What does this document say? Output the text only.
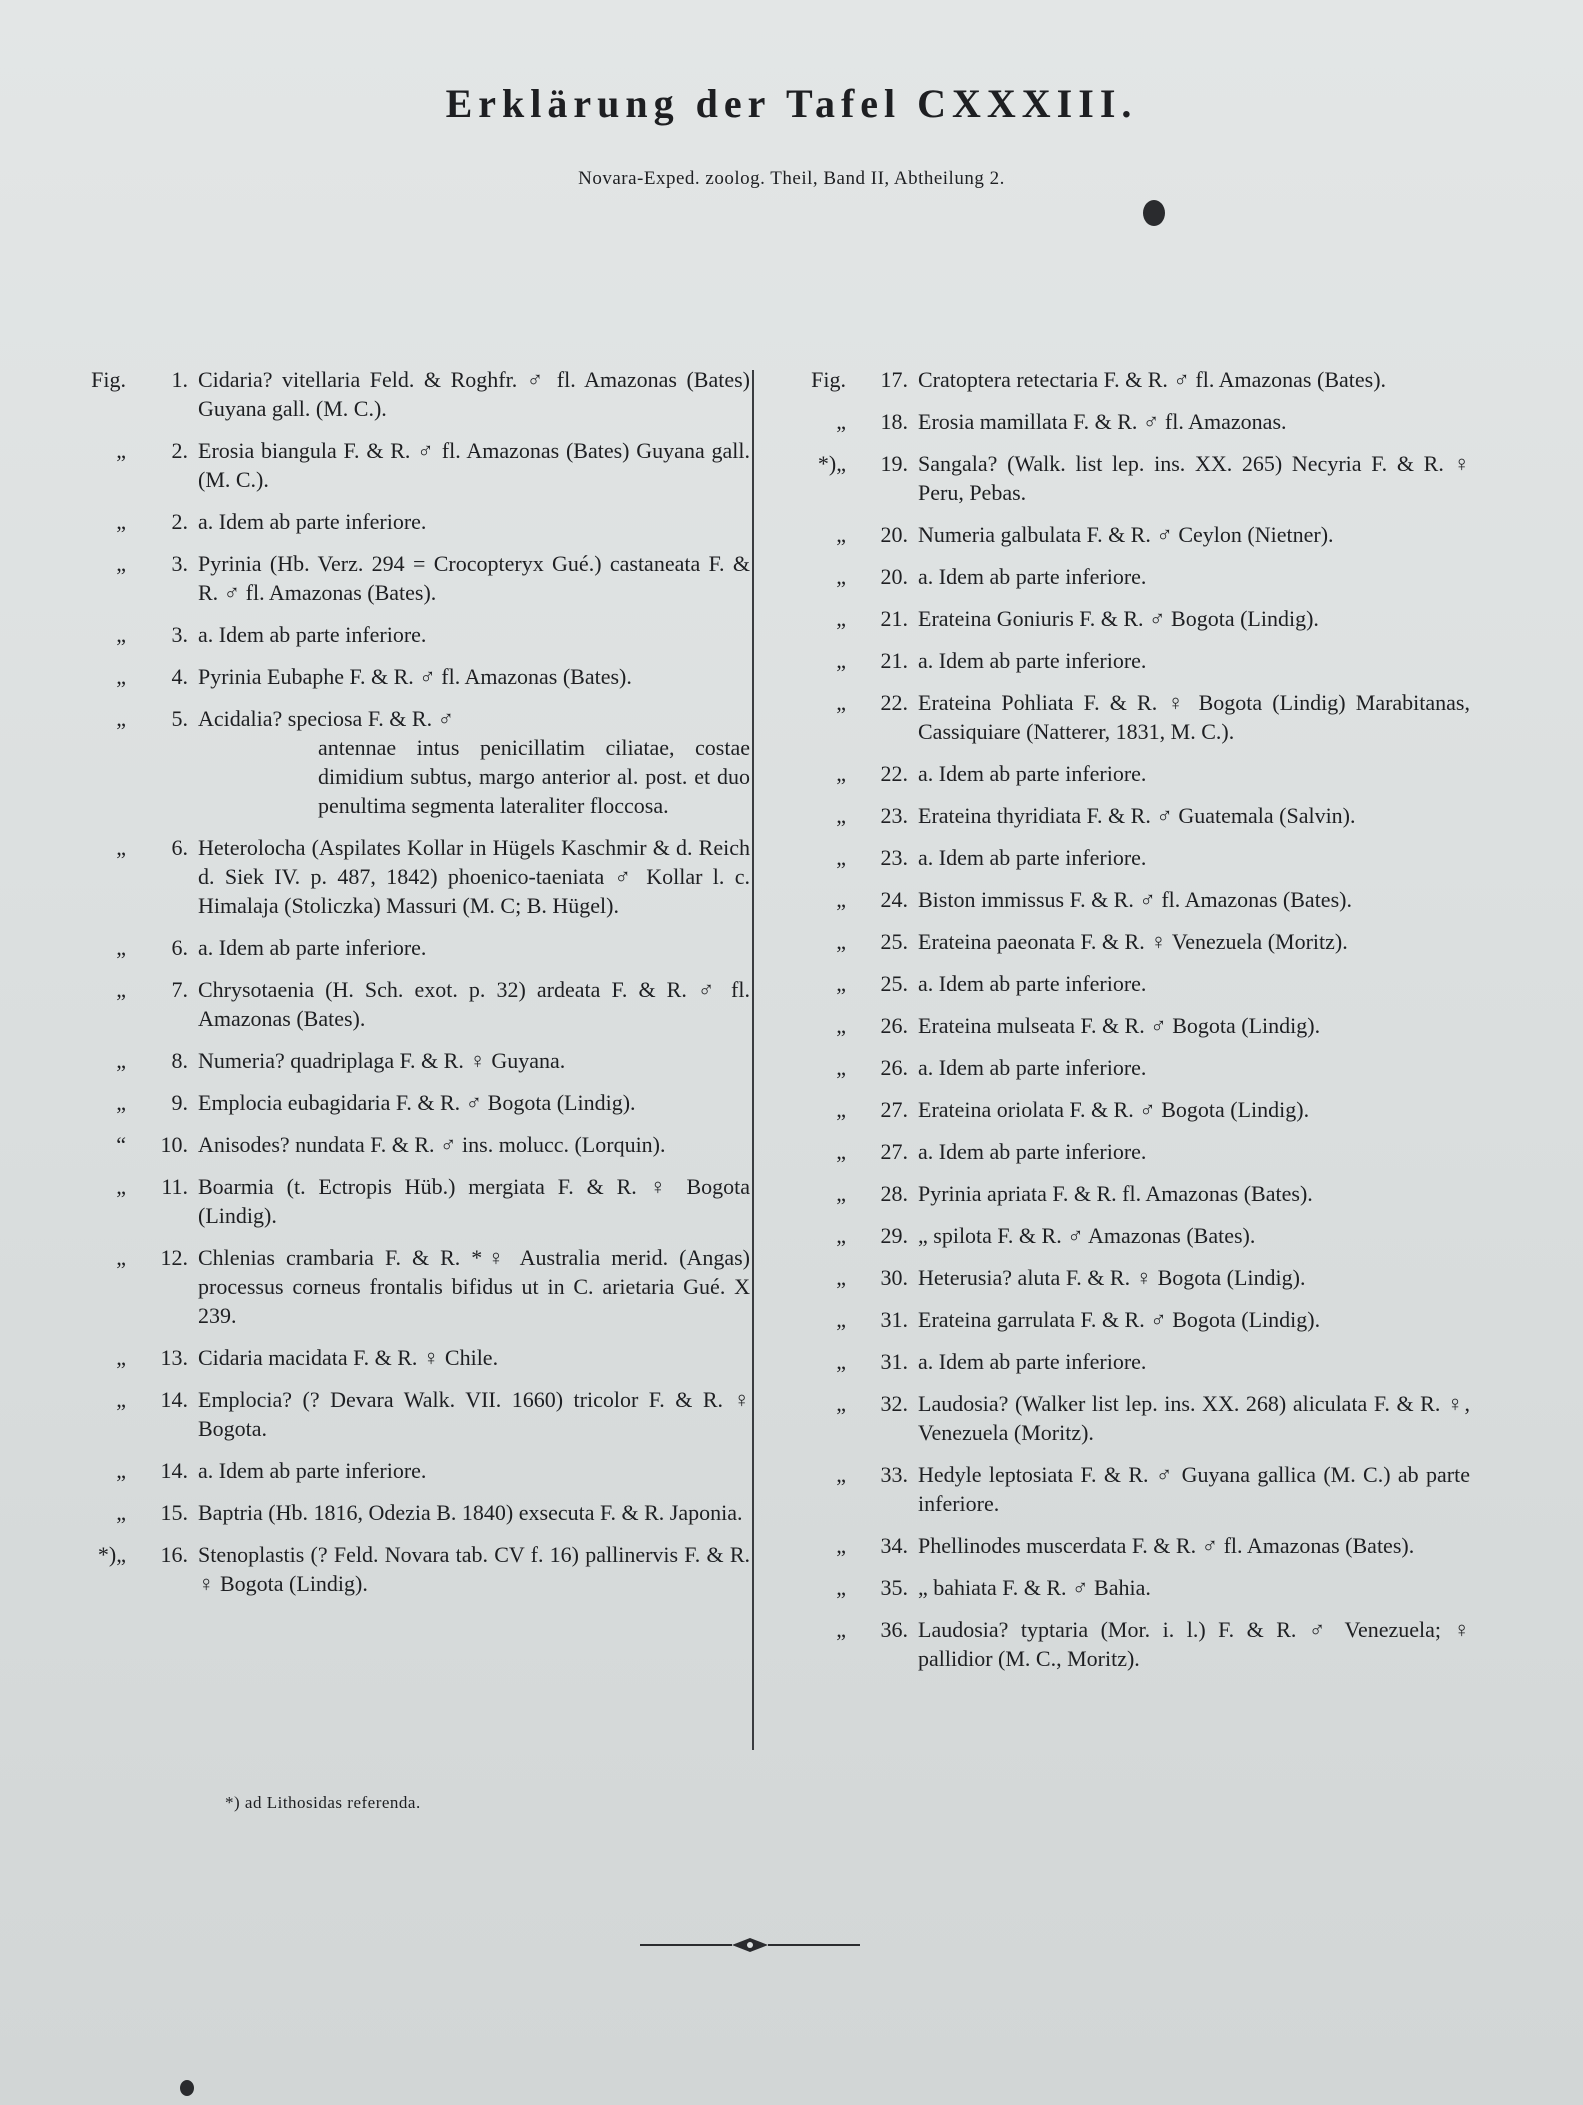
Erklärung der Tafel CXXXIII.
Novara-Exped. zoolog. Theil, Band II, Abtheilung 2.
Fig.	1. Cidaria? vitellaria Feld. & Roghfr. ♂ fl. Amazonas (Bates) Guyana gall. (M. C.).
„	2. Erosia biangula F. & R. ♂ fl. Amazonas (Bates) Guyana gall. (M. C.).
„	2. a. Idem ab parte inferiore.
„	3. Pyrinia (Hb. Verz. 294 = Crocopteryx Gué.) castaneata F. & R. ♂ fl. Amazonas (Bates).
„	3. a. Idem ab parte inferiore.
„	4. Pyrinia Eubaphe F. & R. ♂ fl. Amazonas (Bates).
„	5. Acidalia? speciosa F. & R. ♂
antennae intus penicillatim ciliatae, costae dimidium subtus, margo anterior al. post. et duo penultima segmenta lateraliter floccosa.
„	6. Heterolocha (Aspilates Kollar in Hügels Kaschmir & d. Reich d. Siek IV. p. 487, 1842) phoenico-taeniata ♂ Kollar l. c. Himalaja (Stoliczka) Massuri (M. C; B. Hügel).
„	6. a. Idem ab parte inferiore.
„	7. Chrysotaenia (H. Sch. exot. p. 32) ardeata F. & R. ♂ fl. Amazonas (Bates).
„	8. Numeria? quadriplaga F. & R. ♀ Guyana.
„	9. Emplocia eubagidaria F. & R. ♂ Bogota (Lindig).
“	10. Anisodes? nundata F. & R. ♂ ins. molucc. (Lorquin).
„	11. Boarmia (t. Ectropis Hüb.) mergiata F. & R. ♀ Bogota (Lindig).
„	12. Chlenias crambaria F. & R. *♀ Australia merid. (Angas) processus corneus frontalis bifidus ut in C. arietaria Gué. X 239.
„	13. Cidaria macidata F. & R. ♀ Chile.
„	14. Emplocia? (? Devara Walk. VII. 1660) tricolor F. & R. ♀ Bogota.
„	14. a. Idem ab parte inferiore.
„	15. Baptria (Hb. 1816, Odezia B. 1840) exsecuta F. & R. Japonia.
*)„	16. Stenoplastis (? Feld. Novara tab. CV f. 16) pallinervis F. & R. ♀ Bogota (Lindig).
Fig.	17. Cratoptera retectaria F. & R. ♂ fl. Amazonas (Bates).
„	18. Erosia mamillata F. & R. ♂ fl. Amazonas.
*)„	19. Sangala? (Walk. list lep. ins. XX. 265) Necyria F. & R. ♀ Peru, Pebas.
„	20. Numeria galbulata F. & R. ♂ Ceylon (Nietner).
„	20. a. Idem ab parte inferiore.
„	21. Erateina Goniuris F. & R. ♂ Bogota (Lindig).
„	21. a. Idem ab parte inferiore.
„	22. Erateina Pohliata F. & R. ♀ Bogota (Lindig) Marabitanas, Cassiquiare (Natterer, 1831, M. C.).
„	22. a. Idem ab parte inferiore.
„	23. Erateina thyridiata F. & R. ♂ Guatemala (Salvin).
„	23. a. Idem ab parte inferiore.
„	24. Biston immissus F. & R. ♂ fl. Amazonas (Bates).
„	25. Erateina paeonata F. & R. ♀ Venezuela (Moritz).
„	25. a. Idem ab parte inferiore.
„	26. Erateina mulseata F. & R. ♂ Bogota (Lindig).
„	26. a. Idem ab parte inferiore.
„	27. Erateina oriolata F. & R. ♂ Bogota (Lindig).
„	27. a. Idem ab parte inferiore.
„	28. Pyrinia apriata F. & R. fl. Amazonas (Bates).
„	29. „ spilota F. & R. ♂ Amazonas (Bates).
„	30. Heterusia? aluta F. & R. ♀ Bogota (Lindig).
„	31. Erateina garrulata F. & R. ♂ Bogota (Lindig).
„	31. a. Idem ab parte inferiore.
„	32. Laudosia? (Walker list lep. ins. XX. 268) aliculata F. & R. ♀, Venezuela (Moritz).
„	33. Hedyle leptosiata F. & R. ♂ Guyana gallica (M. C.) ab parte inferiore.
„	34. Phellinodes muscerdata F. & R. ♂ fl. Amazonas (Bates).
„	35. „ bahiata F. & R. ♂ Bahia.
„	36. Laudosia? typtaria (Mor. i. l.) F. & R. ♂ Venezuela; ♀ pallidior (M. C., Moritz).
*) ad Lithosidas referenda.
